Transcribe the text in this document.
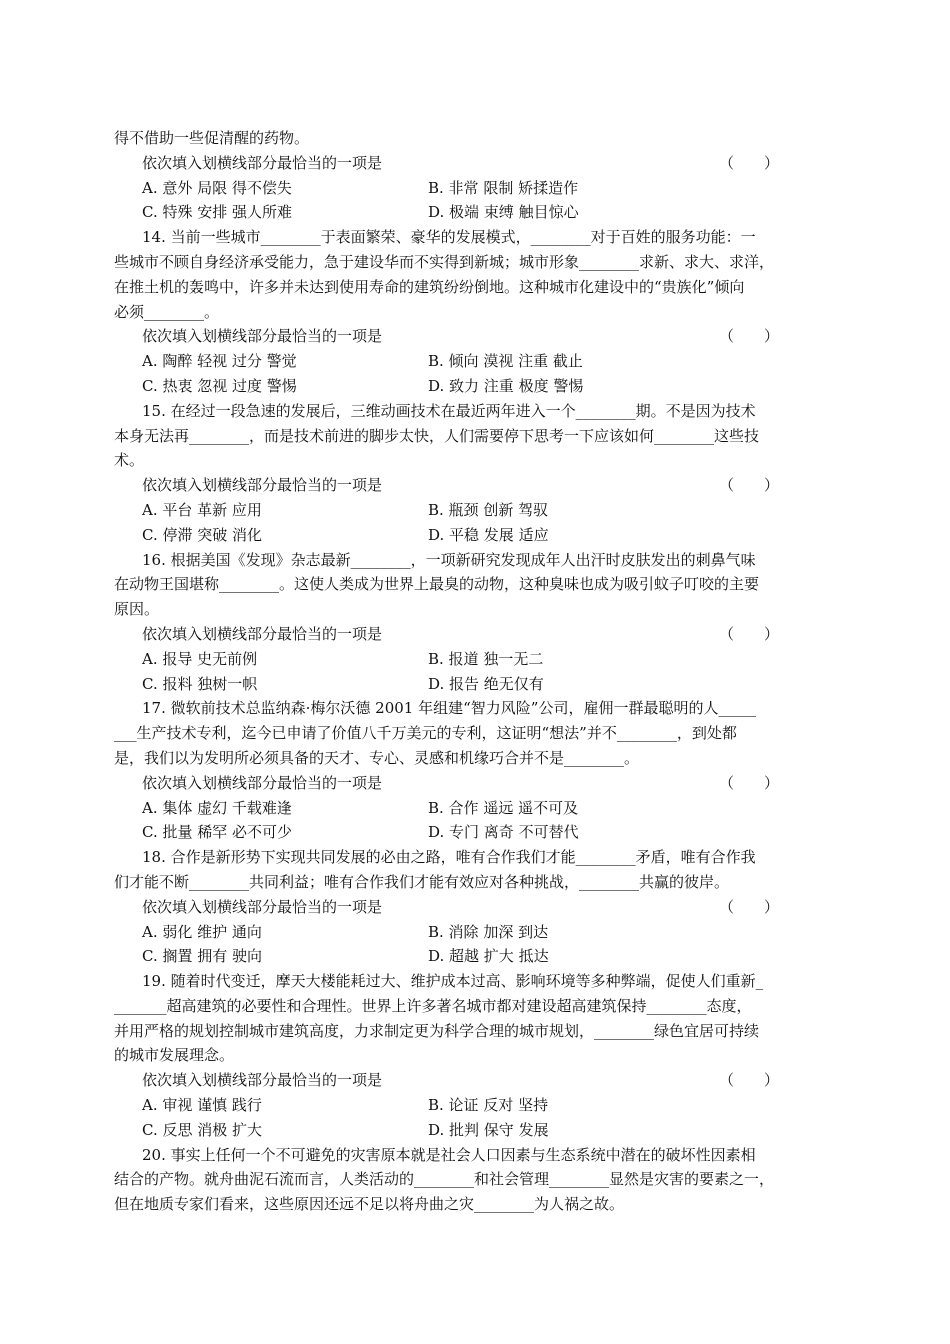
得不借助一些促清醒的药物。
依次填入划横线部分最恰当的一项是	（　　）
A. 意外 局限 得不偿失	B. 非常 限制 矫揉造作
C. 特殊 安排 强人所难	D. 极端 束缚 触目惊心
14. 当前一些城市________于表面繁荣、豪华的发展模式，________对于百姓的服务功能：一
些城市不顾自身经济承受能力，急于建设华而不实得到新城；城市形象________求新、求大、求洋，
在推土机的轰鸣中，许多并未达到使用寿命的建筑纷纷倒地。这种城市化建设中的“贵族化”倾向
必须________。
依次填入划横线部分最恰当的一项是	（　　）
A. 陶醉 轻视 过分 警觉	B. 倾向 漠视 注重 截止
C. 热衷 忽视 过度 警惕	D. 致力 注重 极度 警惕
15. 在经过一段急速的发展后，三维动画技术在最近两年进入一个________期。不是因为技术
本身无法再________，而是技术前进的脚步太快，人们需要停下思考一下应该如何________这些技
术。
依次填入划横线部分最恰当的一项是	（　　）
A. 平台 革新 应用	B. 瓶颈 创新 驾驭
C. 停滞 突破 消化	D. 平稳 发展 适应
16. 根据美国《发现》杂志最新________，一项新研究发现成年人出汗时皮肤发出的刺鼻气味
在动物王国堪称________。这使人类成为世界上最臭的动物，这种臭味也成为吸引蚊子叮咬的主要
原因。
依次填入划横线部分最恰当的一项是	（　　）
A. 报导 史无前例	B. 报道 独一无二
C. 报料 独树一帜	D. 报告 绝无仅有
17. 微软前技术总监纳森·梅尔沃德 2001 年组建“智力风险”公司，雇佣一群最聪明的人_____
___生产技术专利，迄今已申请了价值八千万美元的专利，这证明“想法”并不________，到处都
是，我们以为发明所必须具备的天才、专心、灵感和机缘巧合并不是________。
依次填入划横线部分最恰当的一项是	（　　）
A. 集体 虚幻 千载难逢	B. 合作 遥远 遥不可及
C. 批量 稀罕 必不可少	D. 专门 离奇 不可替代
18. 合作是新形势下实现共同发展的必由之路，唯有合作我们才能________矛盾，唯有合作我
们才能不断________共同利益；唯有合作我们才能有效应对各种挑战，________共赢的彼岸。
依次填入划横线部分最恰当的一项是	（　　）
A. 弱化 维护 通向	B. 消除 加深 到达
C. 搁置 拥有 驶向	D. 超越 扩大 抵达
19. 随着时代变迁，摩天大楼能耗过大、维护成本过高、影响环境等多种弊端，促使人们重新_
_______超高建筑的必要性和合理性。世界上许多著名城市都对建设超高建筑保持________态度，
并用严格的规划控制城市建筑高度，力求制定更为科学合理的城市规划，________绿色宜居可持续
的城市发展理念。
依次填入划横线部分最恰当的一项是	（　　）
A. 审视 谨慎 践行	B. 论证 反对 坚持
C. 反思 消极 扩大	D. 批判 保守 发展
20. 事实上任何一个不可避免的灾害原本就是社会人口因素与生态系统中潜在的破坏性因素相
结合的产物。就舟曲泥石流而言，人类活动的________和社会管理________显然是灾害的要素之一，
但在地质专家们看来，这些原因还远不足以将舟曲之灾________为人祸之故。
